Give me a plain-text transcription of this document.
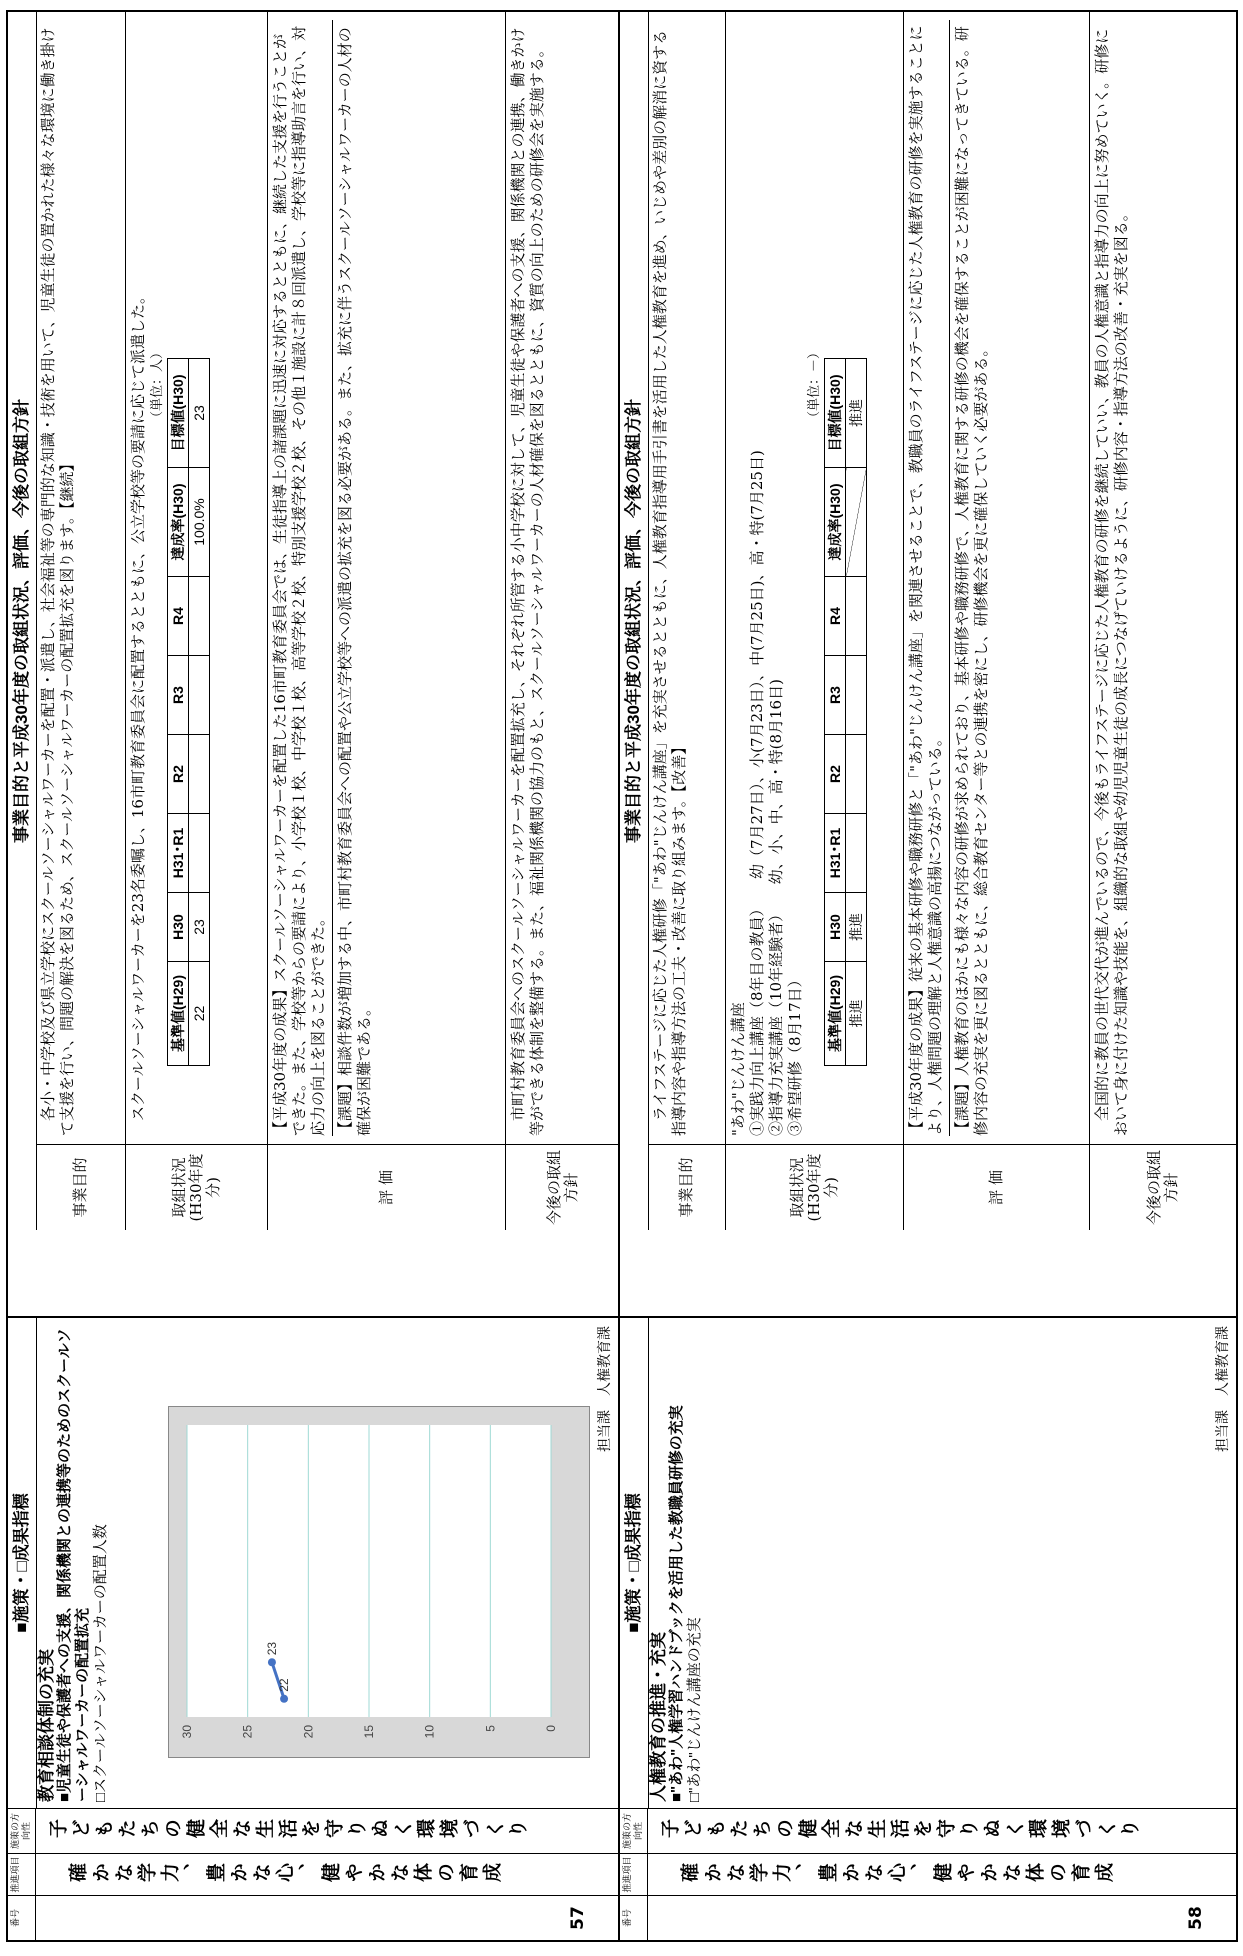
番号	57
推進項目	確かな学力、豊かな心、健やかな体の育成
施策の方向性 子どもたちの健全な生活を守りぬく環境づくり
■施策・□成果指標
教育相談体制の充実 ■児童生徒や保護者への支援、関係機関との連携等のためのスクールソーシャルワーカーの配置拡充 □スクールソーシャルワーカーの配置人数	0
5
10
15
20
25
30
22
23
担当課　人権教育課
事業目的と平成30年度の取組状況、評価、今後の取組方針
事業目的
各小・中学校及び県立学校にスクールソーシャルワーカーを配置・派遣し、社会福祉等の専門的な知識・技術を用いて、児童生徒の置かれた様々な環境に働き掛けて支援を行い、問題の解決を図るため、スクールソーシャルワーカーの配置拡充を図ります。【継続】
取組状況
(H30年度分)

スクールソーシャルワーカーを23名委嘱し、16市町教育委員会に配置するとともに、公立学校等の要請に応じて派遣した。 （単位：人）
基準値(H29)	H30	H31･R1	R2	R3	R4	達成率(H30)	目標値(H30)
22	23					100.0%	23
評 価

【平成30年度の成果】スクールソーシャルワーカーを配置した16市町教育委員会では、生徒指導上の諸課題に迅速に対応するとともに、継続した支援を行うことができた。また、学校等からの要請により、小学校１校、中学校１校、高等学校２校、特別支援学校２校、その他１施設に計８回派遣し、学校等に指導助言を行い、対応力の向上を図ることができた。 【課題】相談件数が増加する中、市町村教育委員会への配置や公立学校等への派遣の拡充を図る必要がある。また、拡充に伴うスクールソーシャルワーカーの人材の確保が困難である。

今後の取組方針
市町村教育委員会へのスクールソーシャルワーカーを配置拡充し、それぞれ所管する小中学校に対して、児童生徒や保護者への支援、関係機関との連携、働きかけ等ができる体制を整備する。また、福祉関係機関の協力のもと、スクールソーシャルワーカーの人材確保を図るとともに、資質の向上のための研修会を実施する。
番号	58
推進項目	確かな学力、豊かな心、健やかな体の育成
施策の方向性 子どもたちの健全な生活を守りぬく環境づくり
■施策・□成果指標
人権教育の推進・充実 ■"あわ"人権学習ハンドブックを活用した教職員研修の充実 □"あわ"じんけん講座の充実
担当課　人権教育課
事業目的と平成30年度の取組状況、評価、今後の取組方針
事業目的
ライフステージに応じた人権研修「"あわ"じんけん講座」を充実させるとともに、人権教育指導用手引書を活用した人権教育を進め、いじめや差別の解消に資する指導内容や指導方法の工夫・改善に取り組みます。【改善】
取組状況
(H30年度分)

"あわ"じんけん講座 ①実践力向上講座（8年目の教員）　　幼（7月27日）、小(7月23日）、中(7月25日)、高・特(7月25日) ②指導力充実講座（10年経験者）　　幼、小、中、高・特(8月16日) ③希望研修（8月17日）

（単位：－）
基準値(H29)	H30	H31･R1	R2	R3	R4	達成率(H30)	目標値(H30)
推進	推進						推進
評 価

【平成30年度の成果】従来の基本研修や職務研修と「"あわ"じんけん講座」を関連させることで、教職員のライフステージに応じた人権教育の研修を実施することにより、人権問題の理解と人権意識の高揚につながっている。 【課題】人権教育のほかにも様々な内容の研修が求められており、基本研修や職務研修で、人権教育に関する研修の機会を確保することが困難になってきている。研修内容の充実を更に図るとともに、総合教育センター等との連携を密にし、研修機会を更に確保していく必要がある。

今後の取組方針
全国的に教員の世代交代が進んでいるので、今後もライフステージに応じた人権教育の研修を継続していい、教員の人権意識と指導力の向上に努めていく。研修において身に付けた知識や技能を、組織的な取組や幼児児童生徒の成長につなげていけるように、研修内容・指導方法の改善・充実を図る。
